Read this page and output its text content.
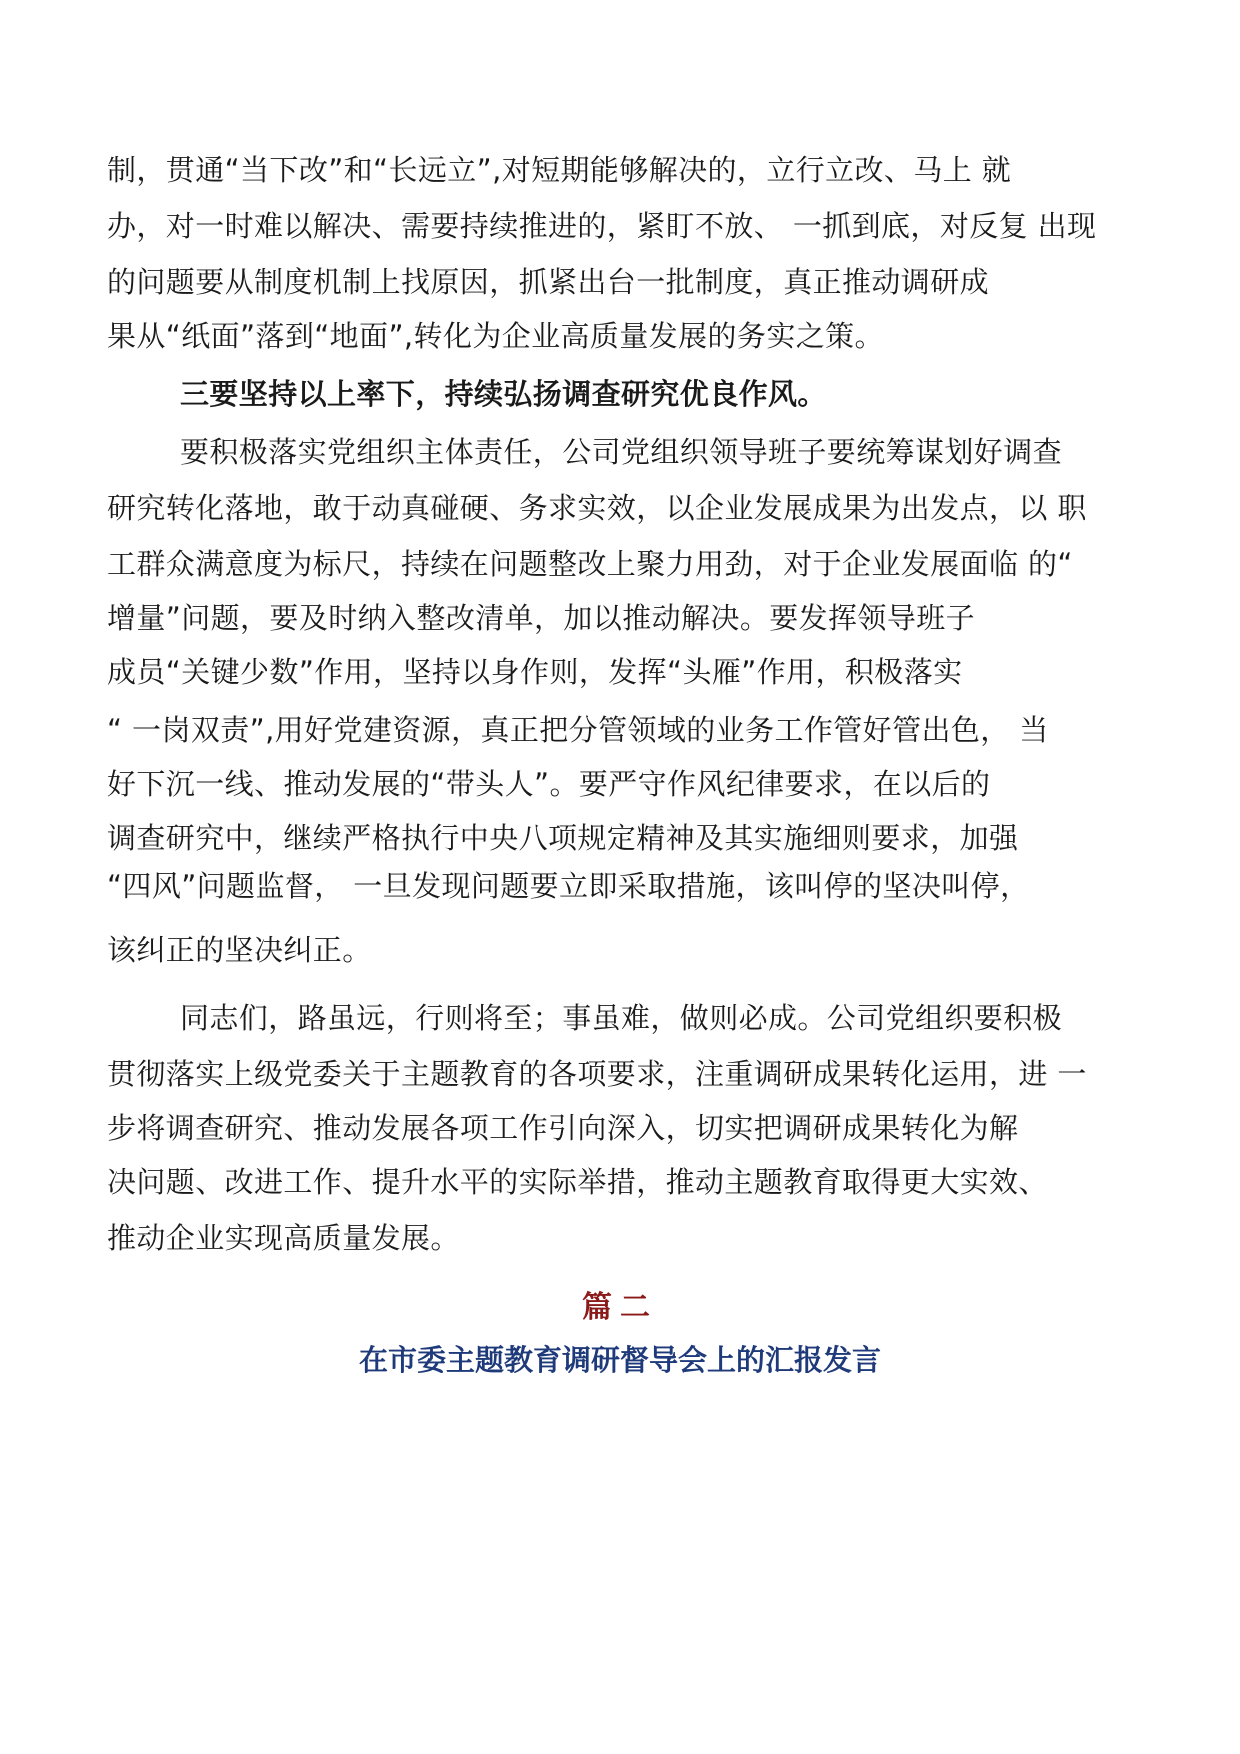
制，贯通“当下改”和“长远立”,对短期能够解决的，立行立改、马上 就
办，对一时难以解决、需要持续推进的，紧盯不放、 一抓到底，对反复 出现
的问题要从制度机制上找原因，抓紧出台一批制度，真正推动调研成
果从“纸面”落到“地面”,转化为企业高质量发展的务实之策。
三要坚持以上率下，持续弘扬调查研究优良作风。
要积极落实党组织主体责任，公司党组织领导班子要统筹谋划好调查
研究转化落地，敢于动真碰硬、务求实效，以企业发展成果为出发点，以 职
工群众满意度为标尺，持续在问题整改上聚力用劲，对于企业发展面临 的“
增量”问题，要及时纳入整改清单，加以推动解决。要发挥领导班子
成员“关键少数”作用，坚持以身作则，发挥“头雁”作用，积极落实
“ 一岗双责”,用好党建资源，真正把分管领域的业务工作管好管出色， 当
好下沉一线、推动发展的“带头人”。要严守作风纪律要求，在以后的
调查研究中，继续严格执行中央八项规定精神及其实施细则要求，加强
“四风”问题监督， 一旦发现问题要立即采取措施，该叫停的坚决叫停，
该纠正的坚决纠正。
同志们，路虽远，行则将至；事虽难，做则必成。公司党组织要积极
贯彻落实上级党委关于主题教育的各项要求，注重调研成果转化运用，进 一
步将调查研究、推动发展各项工作引向深入，切实把调研成果转化为解
决问题、改进工作、提升水平的实际举措，推动主题教育取得更大实效、
推动企业实现高质量发展。
篇二
在市委主题教育调研督导会上的汇报发言
